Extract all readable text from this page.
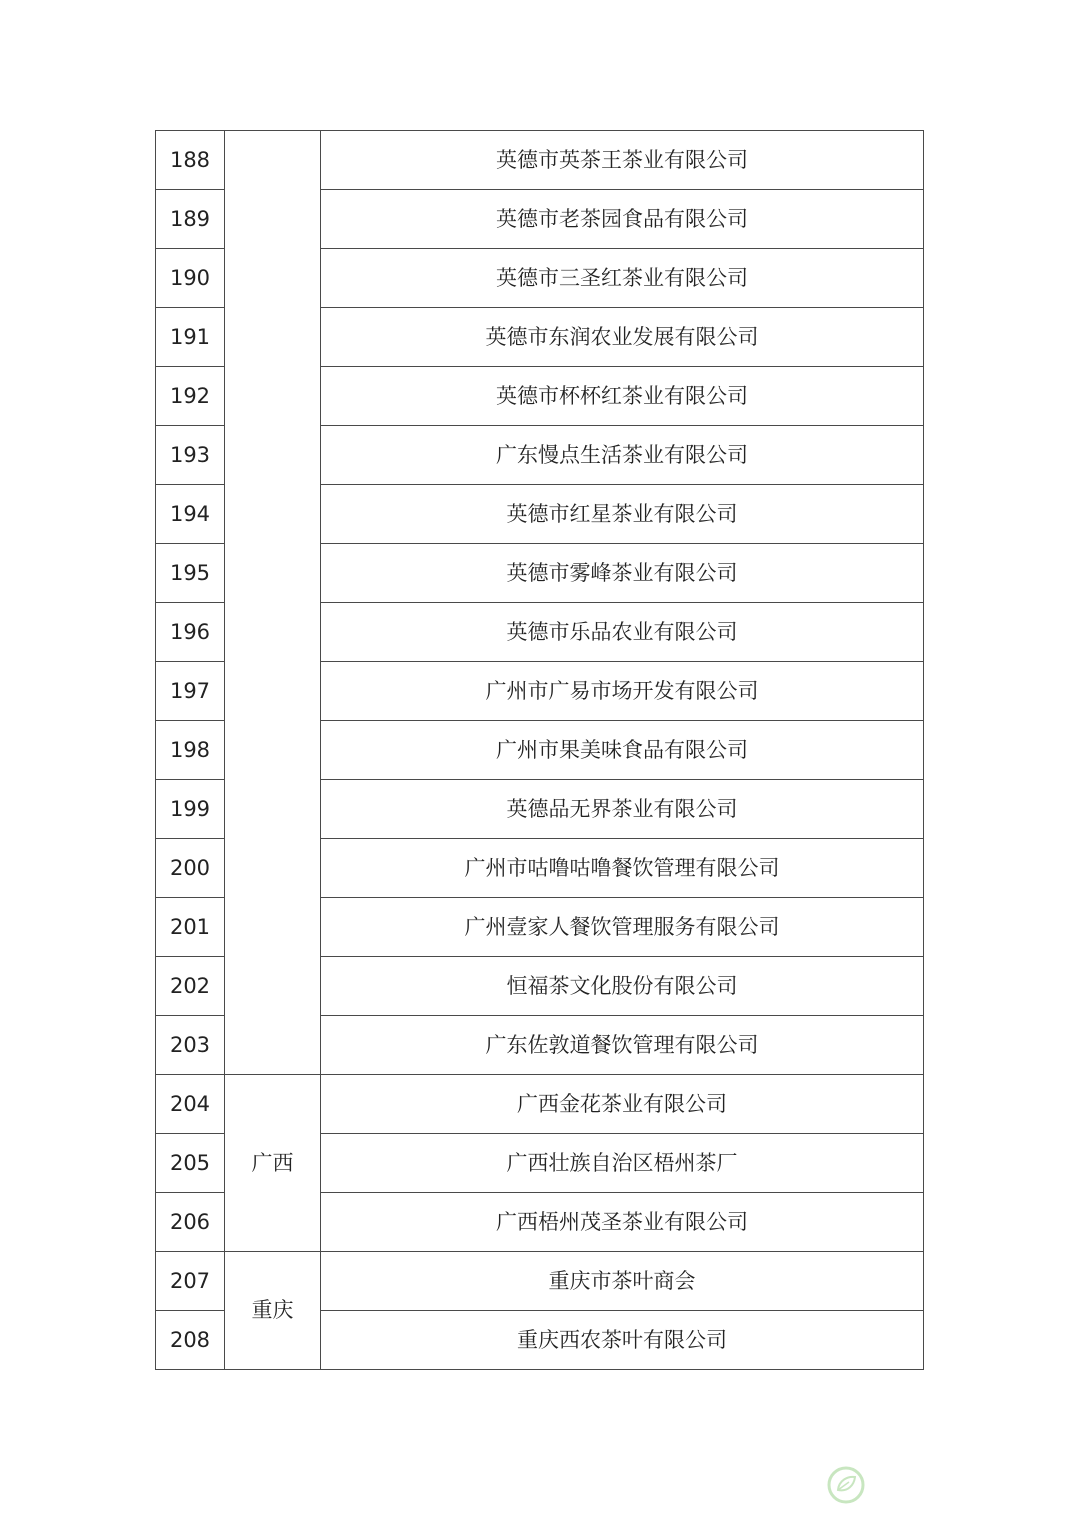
188		英德市英茶王茶业有限公司
189		英德市老茶园食品有限公司
190		英德市三圣红茶业有限公司
191		英德市东润农业发展有限公司
192		英德市杯杯红茶业有限公司
193		广东慢点生活茶业有限公司
194		英德市红星茶业有限公司
195		英德市雾峰茶业有限公司
196		英德市乐品农业有限公司
197		广州市广易市场开发有限公司
198		广州市果美味食品有限公司
199		英德品无界茶业有限公司
200		广州市咕噜咕噜餐饮管理有限公司
201		广州壹家人餐饮管理服务有限公司
202		恒福茶文化股份有限公司
203		广东佐敦道餐饮管理有限公司
204	广西	广西金花茶业有限公司
205		广西壮族自治区梧州茶厂
206		广西梧州茂圣茶业有限公司
207	重庆	重庆市茶叶商会
208		重庆西农茶叶有限公司
